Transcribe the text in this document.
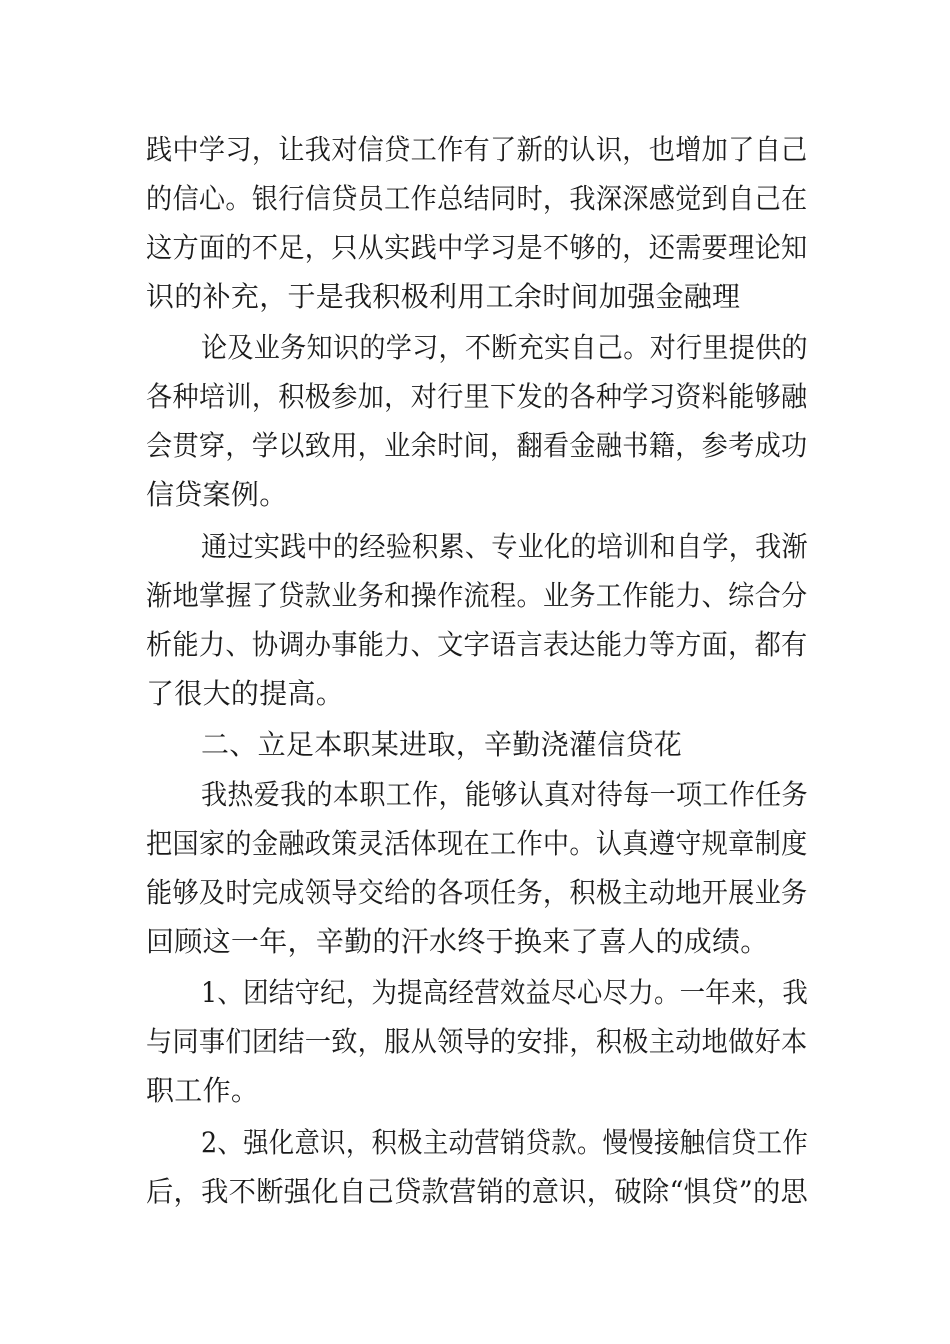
践中学习，让我对信贷工作有了新的认识，也增加了自己
的信心。银行信贷员工作总结同时，我深深感觉到自己在
这方面的不足，只从实践中学习是不够的，还需要理论知
识的补充，于是我积极利用工余时间加强金融理
论及业务知识的学习，不断充实自己。对行里提供的
各种培训，积极参加，对行里下发的各种学习资料能够融
会贯穿，学以致用，业余时间，翻看金融书籍，参考成功
信贷案例。
通过实践中的经验积累、专业化的培训和自学，我渐
渐地掌握了贷款业务和操作流程。业务工作能力、综合分
析能力、协调办事能力、文字语言表达能力等方面，都有
了很大的提高。
二、立足本职某进取，辛勤浇灌信贷花
我热爱我的本职工作，能够认真对待每一项工作任务
把国家的金融政策灵活体现在工作中。认真遵守规章制度
能够及时完成领导交给的各项任务，积极主动地开展业务
回顾这一年，辛勤的汗水终于换来了喜人的成绩。
1、团结守纪，为提高经营效益尽心尽力。一年来，我
与同事们团结一致，服从领导的安排，积极主动地做好本
职工作。
2、强化意识，积极主动营销贷款。慢慢接触信贷工作
后，我不断强化自己贷款营销的意识，破除“惧贷”的思
